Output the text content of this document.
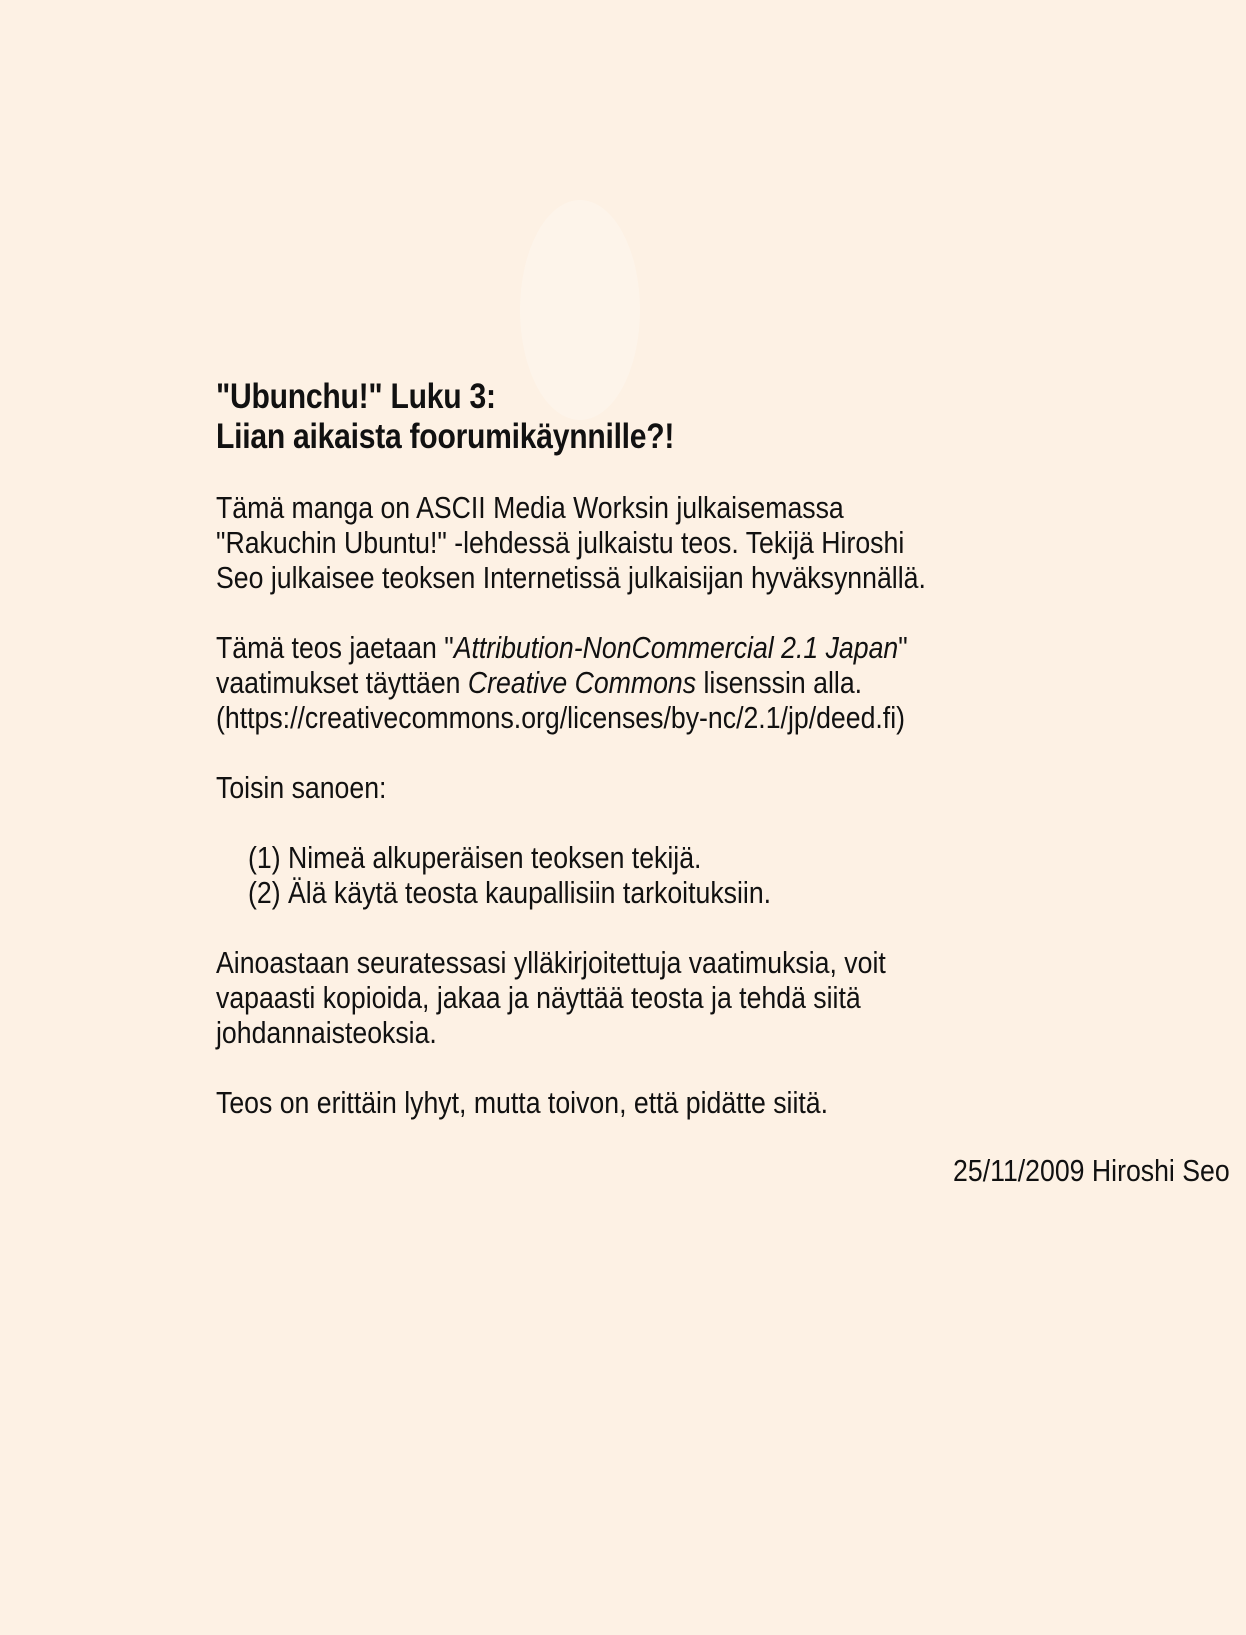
"Ubunchu!" Luku 3:
Liian aikaista foorumikäynnille?!
Tämä manga on ASCII Media Worksin julkaisemassa
"Rakuchin Ubuntu!" -lehdessä julkaistu teos. Tekijä Hiroshi
Seo julkaisee teoksen Internetissä julkaisijan hyväksynnällä.
Tämä teos jaetaan "Attribution-NonCommercial 2.1 Japan"
vaatimukset täyttäen Creative Commons lisenssin alla.
(https://creativecommons.org/licenses/by-nc/2.1/jp/deed.fi)
Toisin sanoen:
(1) Nimeä alkuperäisen teoksen tekijä.
(2) Älä käytä teosta kaupallisiin tarkoituksiin.
Ainoastaan seuratessasi ylläkirjoitettuja vaatimuksia, voit
vapaasti kopioida, jakaa ja näyttää teosta ja tehdä siitä
johdannaisteoksia.
Teos on erittäin lyhyt, mutta toivon, että pidätte siitä.
25/11/2009 Hiroshi Seo
